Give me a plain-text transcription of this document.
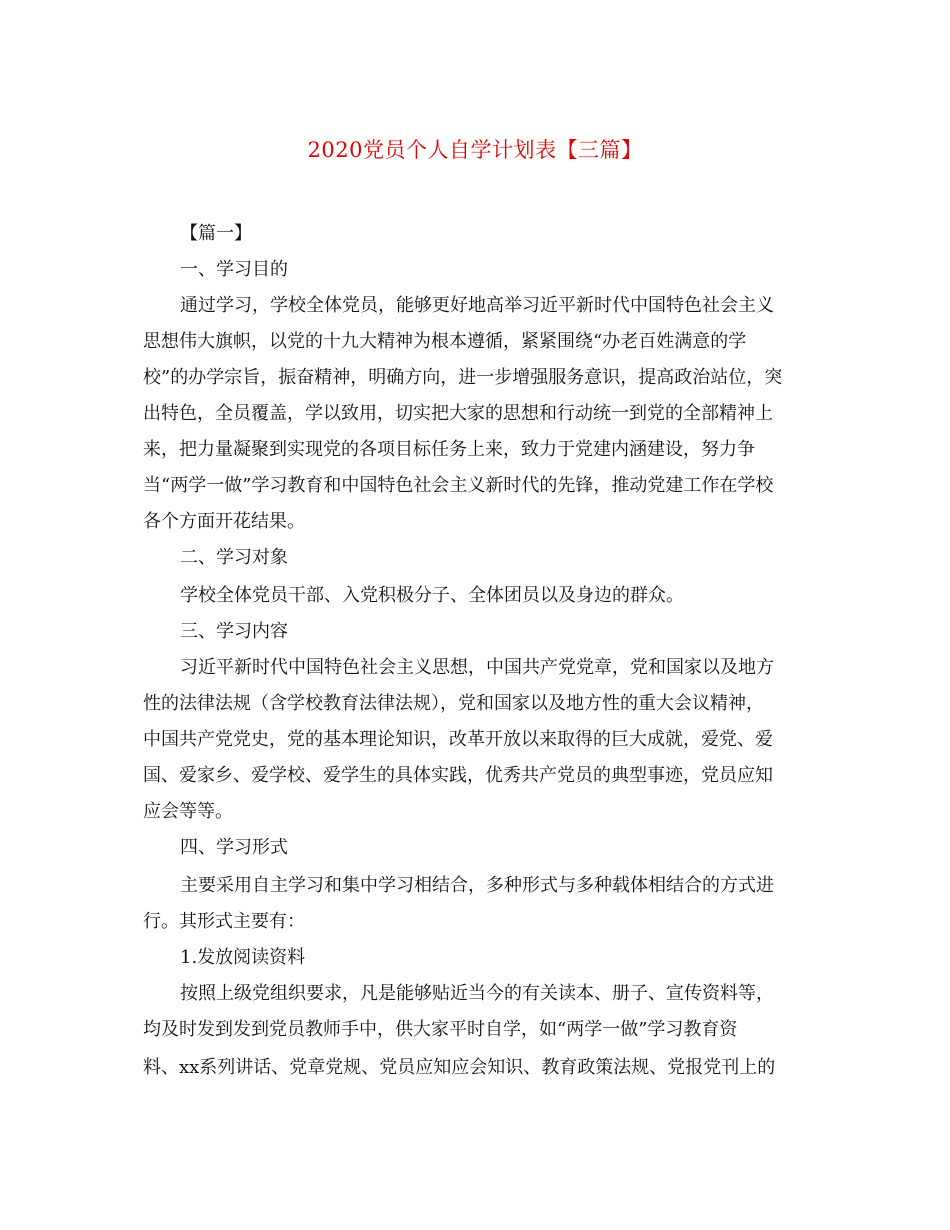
2020党员个人自学计划表【三篇】
【篇一】
一、学习目的
通过学习，学校全体党员，能够更好地高举习近平新时代中国特色社会主义
思想伟大旗帜，以党的十九大精神为根本遵循，紧紧围绕“办老百姓满意的学
校”的办学宗旨，振奋精神，明确方向，进一步增强服务意识，提高政治站位，突
出特色，全员覆盖，学以致用，切实把大家的思想和行动统一到党的全部精神上
来，把力量凝聚到实现党的各项目标任务上来，致力于党建内涵建设，努力争
当“两学一做”学习教育和中国特色社会主义新时代的先锋，推动党建工作在学校
各个方面开花结果。
二、学习对象
学校全体党员干部、入党积极分子、全体团员以及身边的群众。
三、学习内容
习近平新时代中国特色社会主义思想，中国共产党党章，党和国家以及地方
性的法律法规（含学校教育法律法规），党和国家以及地方性的重大会议精神，
中国共产党党史，党的基本理论知识，改革开放以来取得的巨大成就，爱党、爱
国、爱家乡、爱学校、爱学生的具体实践，优秀共产党员的典型事迹，党员应知
应会等等。
四、学习形式
主要采用自主学习和集中学习相结合，多种形式与多种载体相结合的方式进
行。其形式主要有：
1.发放阅读资料
按照上级党组织要求，凡是能够贴近当今的有关读本、册子、宣传资料等，
均及时发到发到党员教师手中，供大家平时自学，如“两学一做”学习教育资
料、xx系列讲话、党章党规、党员应知应会知识、教育政策法规、党报党刊上的
